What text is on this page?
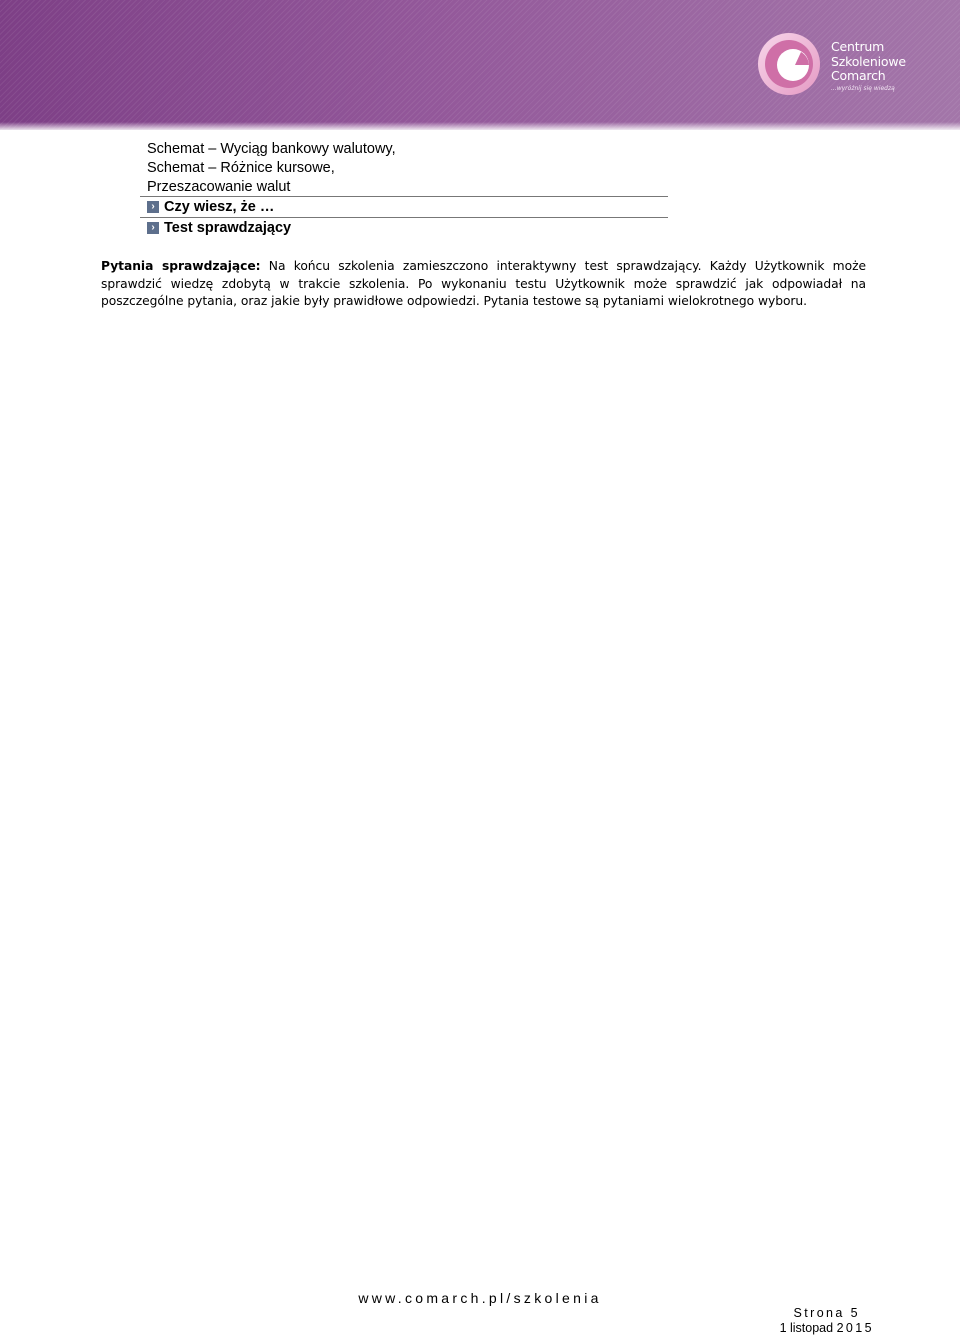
Centrum
Szkoleniowe
Comarch
...wyróżnij się wiedzą
Schemat – Wyciąg bankowy walutowy,
Schemat – Różnice kursowe,
Przeszacowanie walut
› Czy wiesz, że …
› Test sprawdzający
Pytania sprawdzające: Na końcu szkolenia zamieszczono interaktywny test sprawdzający. Każdy Użytkownik może sprawdzić wiedzę zdobytą w trakcie szkolenia. Po wykonaniu testu Użytkownik może sprawdzić jak odpowiadał na poszczególne pytania, oraz jakie były prawidłowe odpowiedzi. Pytania testowe są pytaniami wielokrotnego wyboru.
www.comarch.pl/szkolenia
Strona 5
1 listopad 2015
